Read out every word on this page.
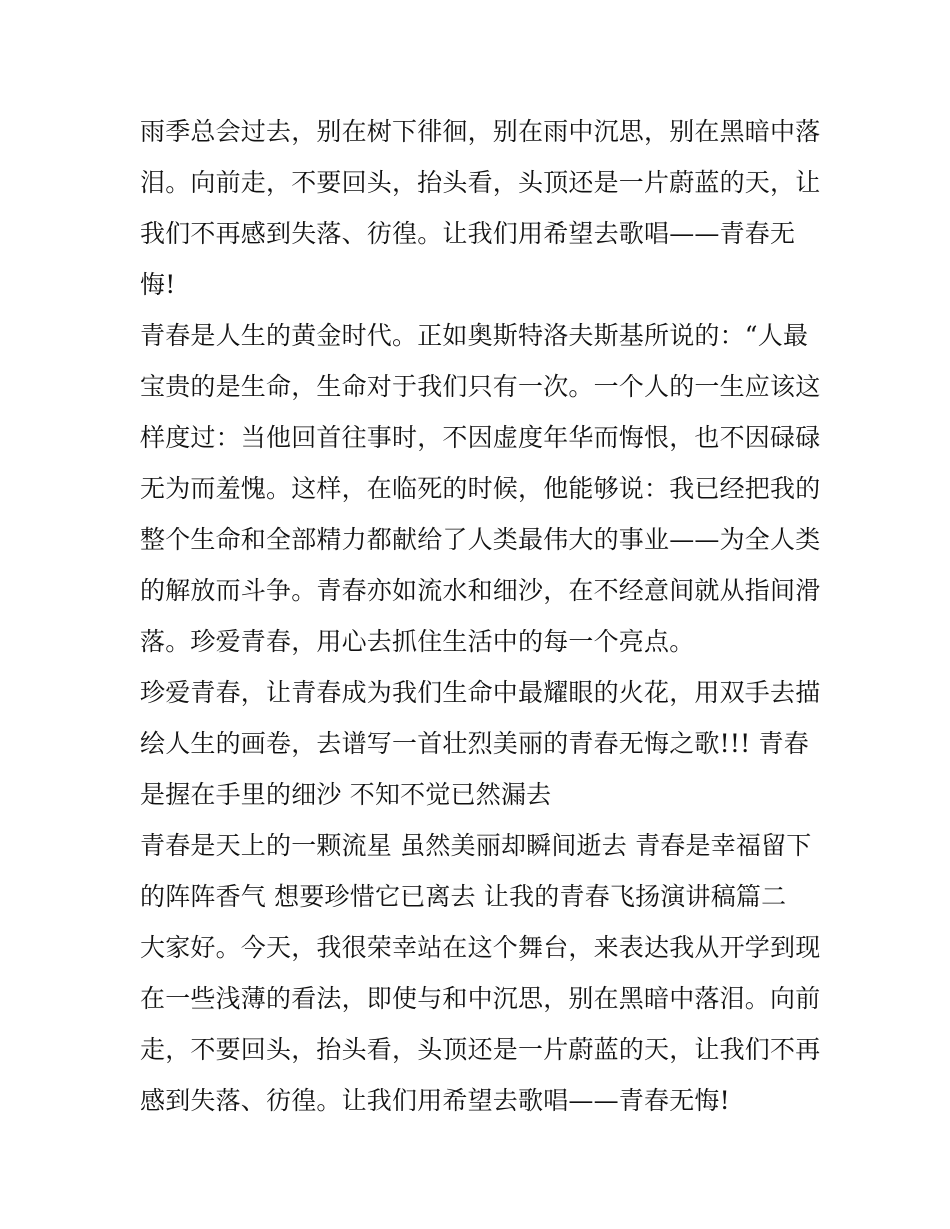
雨季总会过去，别在树下徘徊，别在雨中沉思，别在黑暗中落
泪。向前走，不要回头，抬头看，头顶还是一片蔚蓝的天，让
我们不再感到失落、彷徨。让我们用希望去歌唱——青春无
悔!
青春是人生的黄金时代。正如奥斯特洛夫斯基所说的：“人最
宝贵的是生命，生命对于我们只有一次。一个人的一生应该这
样度过：当他回首往事时，不因虚度年华而悔恨，也不因碌碌
无为而羞愧。这样，在临死的时候，他能够说：我已经把我的
整个生命和全部精力都献给了人类最伟大的事业——为全人类
的解放而斗争。青春亦如流水和细沙，在不经意间就从指间滑
落。珍爱青春，用心去抓住生活中的每一个亮点。
珍爱青春，让青春成为我们生命中最耀眼的火花，用双手去描
绘人生的画卷，去谱写一首壮烈美丽的青春无悔之歌!!! 青春
是握在手里的细沙 不知不觉已然漏去
青春是天上的一颗流星 虽然美丽却瞬间逝去 青春是幸福留下
的阵阵香气 想要珍惜它已离去 让我的青春飞扬演讲稿篇二
大家好。今天，我很荣幸站在这个舞台，来表达我从开学到现
在一些浅薄的看法，即使与和中沉思，别在黑暗中落泪。向前
走，不要回头，抬头看，头顶还是一片蔚蓝的天，让我们不再
感到失落、彷徨。让我们用希望去歌唱——青春无悔!
